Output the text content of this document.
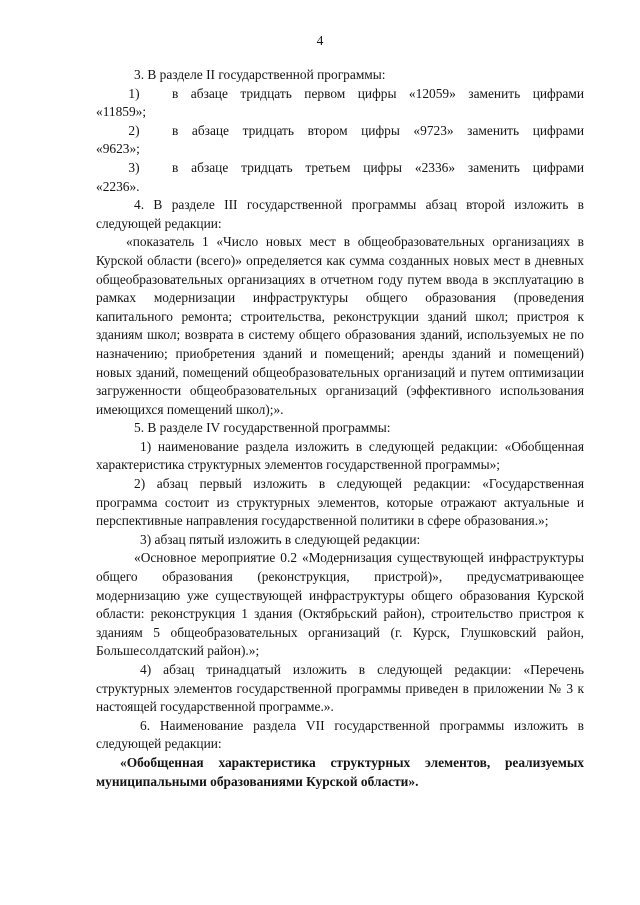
4

3. В разделе II государственной программы:

1)	в абзаце тридцать первом цифры «12059» заменить цифрами

«11859»;

2)	в абзаце тридцать втором цифры «9723» заменить цифрами

«9623»;

3)	в абзаце тридцать третьем цифры «2336» заменить цифрами

«2236».

4. В разделе III государственной программы абзац второй изложить в следующей редакции:

«показатель 1 «Число новых мест в общеобразовательных организациях в Курской области (всего)» определяется как сумма созданных новых мест в дневных общеобразовательных организациях в отчетном году путем ввода в эксплуатацию в рамках модернизации инфраструктуры общего образования (проведения капитального ремонта; строительства, реконструкции зданий школ; пристроя к зданиям школ; возврата в систему общего образования зданий, используемых не по назначению; приобретения зданий и помещений; аренды зданий и помещений) новых зданий, помещений общеобразовательных организаций и путем оптимизации загруженности общеобразовательных организаций (эффективного использования имеющихся помещений школ);».

5. В разделе IV государственной программы:

1) наименование раздела изложить в следующей редакции: «Обобщенная характеристика структурных элементов государственной программы»;

2) абзац первый изложить в следующей редакции: «Государственная программа состоит из структурных элементов, которые отражают актуальные и перспективные направления государственной политики в сфере образования.»;

3) абзац пятый изложить в следующей редакции:

«Основное мероприятие 0.2 «Модернизация существующей инфраструктуры общего образования (реконструкция, пристрой)», предусматривающее модернизацию уже существующей инфраструктуры общего образования Курской области: реконструкция 1 здания (Октябрьский район), строительство пристроя к зданиям 5 общеобразовательных организаций (г. Курск, Глушковский район, Большесолдатский район).»;

4) абзац тринадцатый изложить в следующей редакции: «Перечень структурных элементов государственной программы приведен в приложении № 3 к настоящей государственной программе.».

6. Наименование раздела VII государственной программы изложить в следующей редакции:

«Обобщенная характеристика структурных элементов, реализуемых муниципальными образованиями Курской области».
